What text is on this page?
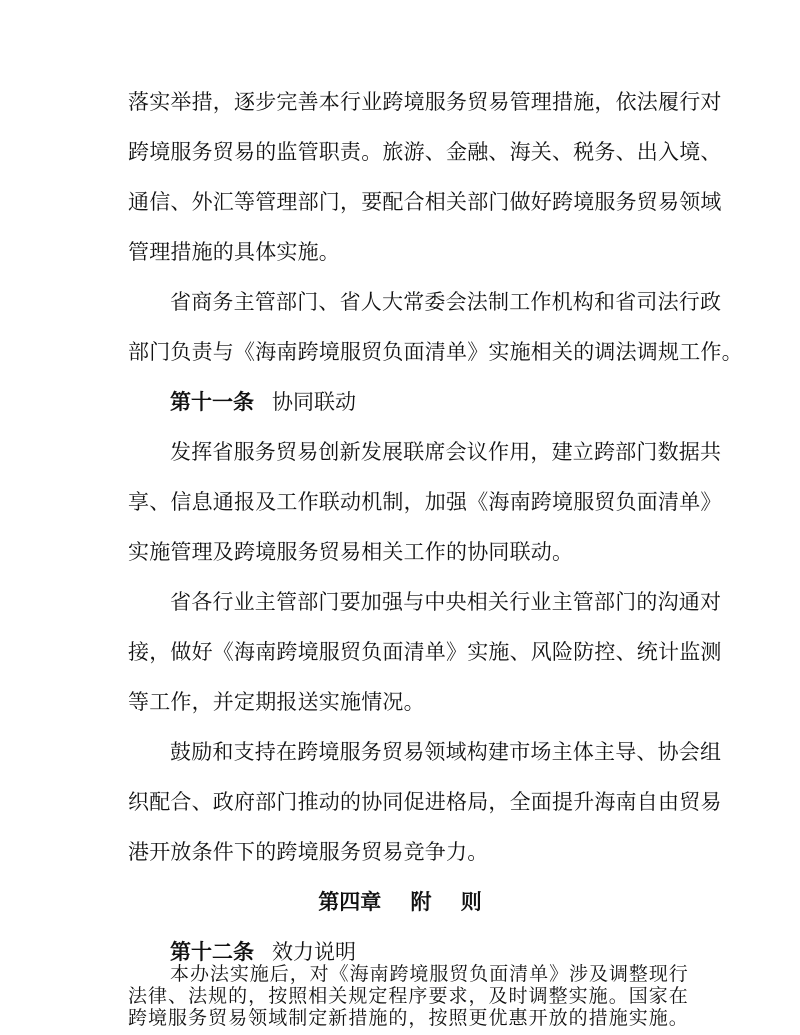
落实举措，逐步完善本行业跨境服务贸易管理措施，依法履行对
跨境服务贸易的监管职责。旅游、金融、海关、税务、出入境、
通信、外汇等管理部门，要配合相关部门做好跨境服务贸易领域
管理措施的具体实施。
省商务主管部门、省人大常委会法制工作机构和省司法行政
部门负责与《海南跨境服贸负面清单》实施相关的调法调规工作。
第十一条 协同联动
发挥省服务贸易创新发展联席会议作用，建立跨部门数据共
享、信息通报及工作联动机制，加强《海南跨境服贸负面清单》
实施管理及跨境服务贸易相关工作的协同联动。
省各行业主管部门要加强与中央相关行业主管部门的沟通对
接，做好《海南跨境服贸负面清单》实施、风险防控、统计监测
等工作，并定期报送实施情况。
鼓励和支持在跨境服务贸易领域构建市场主体主导、协会组
织配合、政府部门推动的协同促进格局，全面提升海南自由贸易
港开放条件下的跨境服务贸易竞争力。
第四章    附    则
第十二条 效力说明
本办法实施后，对《海南跨境服贸负面清单》涉及调整现行
法律、法规的，按照相关规定程序要求，及时调整实施。国家在
跨境服务贸易领域制定新措施的，按照更优惠开放的措施实施。
